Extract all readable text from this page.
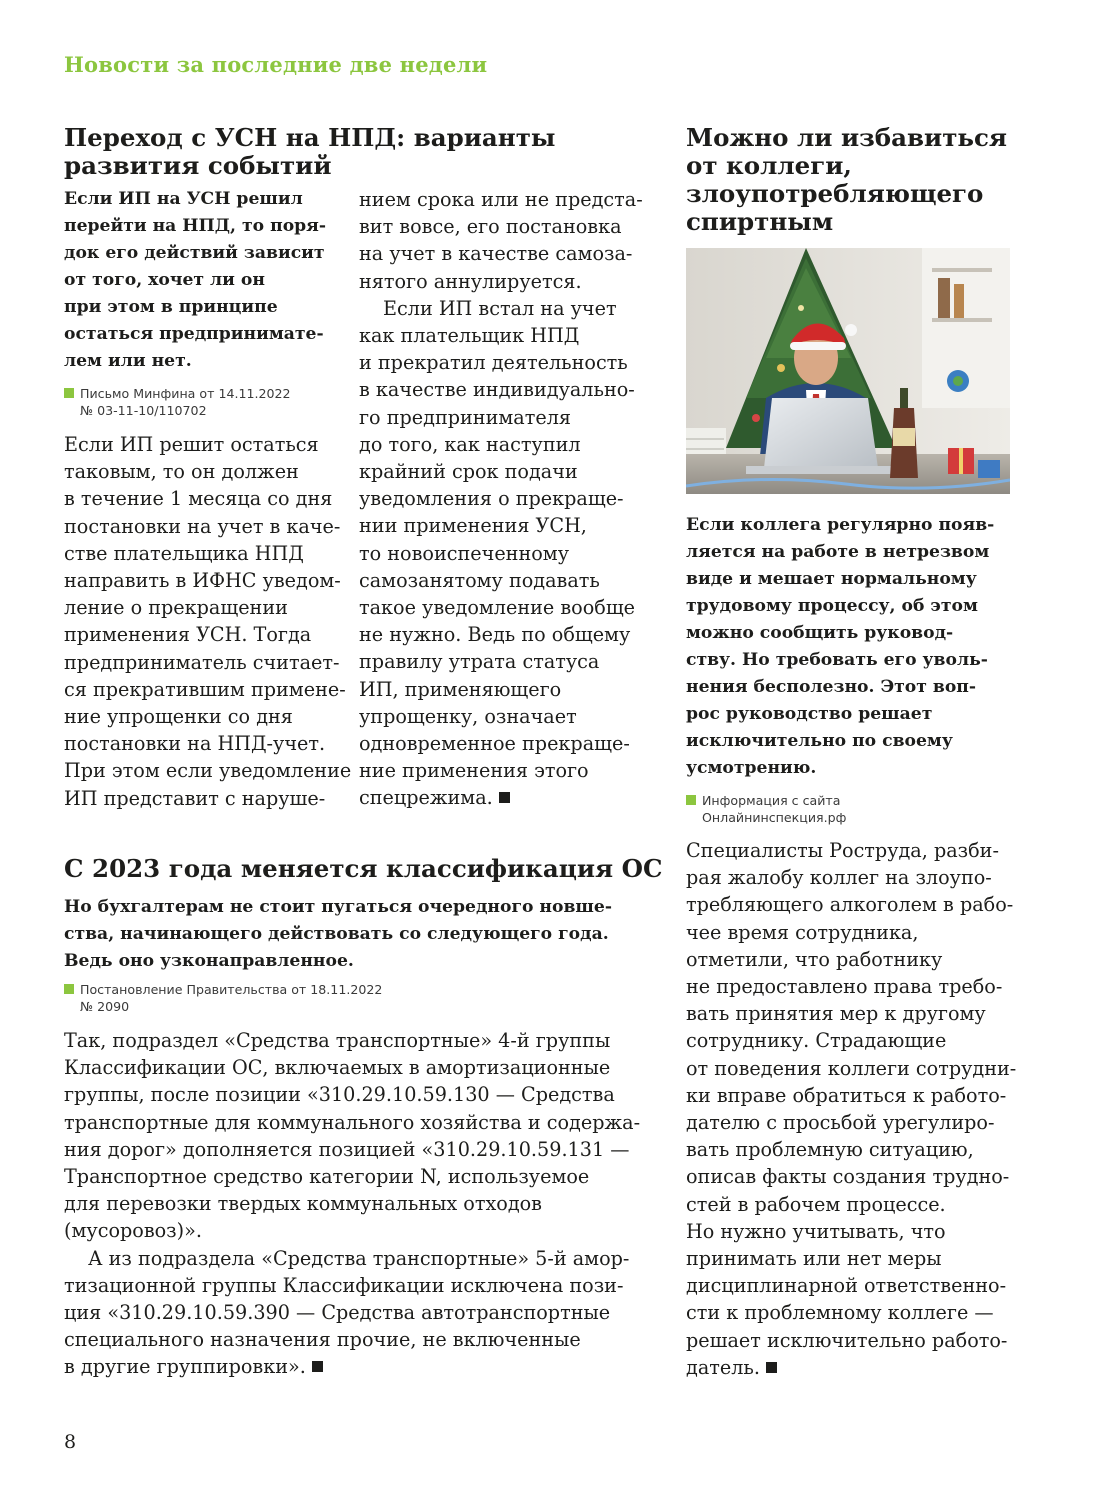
Новости за последние две недели
Переход с УСН на НПД: варианты
развития событий

Если ИП на УСН решил
перейти на НПД, то поря-
док его действий зависит
от того, хочет ли он
при этом в принципе
остаться предпринимате-
лем или нет.

Письмо Минфина от 14.11.2022
№ 03-11-10/110702

Если ИП решит остаться
таковым, то он должен
в течение 1 месяца со дня
постановки на учет в каче-
стве плательщика НПД
направить в ИФНС уведом-
ление о прекращении
применения УСН. Тогда
предприниматель считает-
ся прекратившим примене-
ние упрощенки со дня
постановки на НПД-учет.
При этом если уведомление
ИП представит с наруше-

нием срока или не предста-
вит вовсе, его постановка
на учет в качестве самоза-
нятого аннулируется.
Если ИП встал на учет
как плательщик НПД
и прекратил деятельность
в качестве индивидуально-
го предпринимателя
до того, как наступил
крайний срок подачи
уведомления о прекраще-
нии применения УСН,
то новоиспеченному
самозанятому подавать
такое уведомление вообще
не нужно. Ведь по общему
правилу утрата статуса
ИП, применяющего
упрощенку, означает
одновременное прекраще-
ние применения этого
спецрежима.

С 2023 года меняется классификация ОС

Но бухгалтерам не стоит пугаться очередного новше-
ства, начинающего действовать со следующего года.
Ведь оно узконаправленное.

Постановление Правительства от 18.11.2022
№ 2090

Так, подраздел «Средства транспортные» 4-й группы
Классификации ОС, включаемых в амортизационные
группы, после позиции «310.29.10.59.130 — Средства
транспортные для коммунального хозяйства и содержа-
ния дорог» дополняется позицией «310.29.10.59.131 —
Транспортное средство категории N, используемое
для перевозки твердых коммунальных отходов
(мусоровоз)».
А из подраздела «Средства транспортные» 5-й амор-
тизационной группы Классификации исключена пози-
ция «310.29.10.59.390 — Средства автотранспортные
специального назначения прочие, не включенные
в другие группировки».

Можно ли избавиться
от коллеги,
злоупотребляющего
спиртным

Если коллега регулярно появ-
ляется на работе в нетрезвом
виде и мешает нормальному
трудовому процессу, об этом
можно сообщить руковод-
ству. Но требовать его уволь-
нения бесполезно. Этот воп-
рос руководство решает
исключительно по своему
усмотрению.

Информация с сайта
Онлайнинспекция.рф

Специалисты Роструда, разби-
рая жалобу коллег на злоупо-
требляющего алкоголем в рабо-
чее время сотрудника,
отметили, что работнику
не предоставлено права требо-
вать принятия мер к другому
сотруднику. Страдающие
от поведения коллеги сотрудни-
ки вправе обратиться к работо-
дателю с просьбой урегулиро-
вать проблемную ситуацию,
описав факты создания трудно-
стей в рабочем процессе.
Но нужно учитывать, что
принимать или нет меры
дисциплинарной ответственно-
сти к проблемному коллеге —
решает исключительно работо-
датель.

8
